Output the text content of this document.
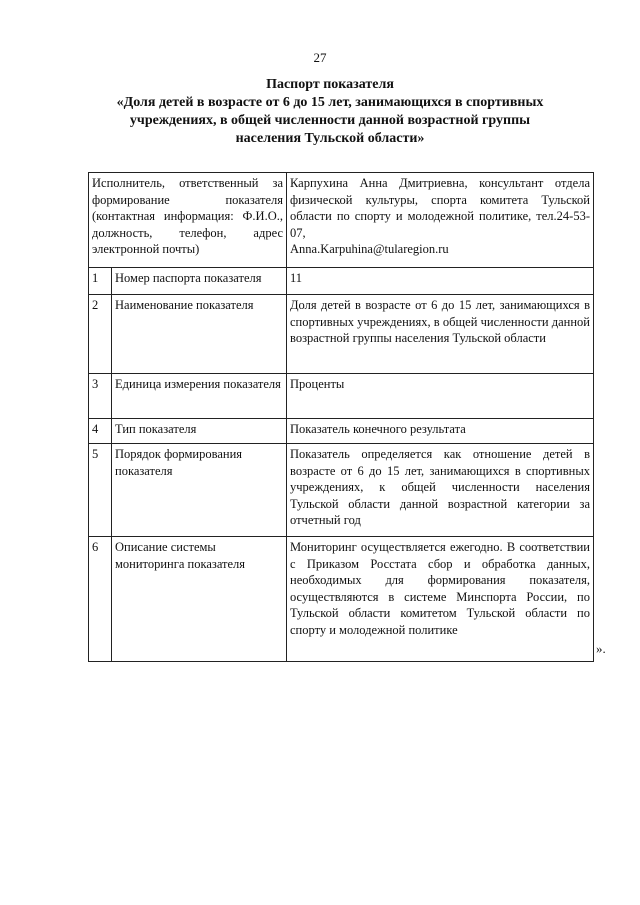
27
Паспорт показателя
«Доля детей в возрасте от 6 до 15 лет, занимающихся в спортивных
учреждениях, в общей численности данной возрастной группы
населения Тульской области»
Исполнитель, ответственный за формирование показателя (контактная информация: Ф.И.О., должность, телефон, адрес электронной почты)		Карпухина Анна Дмитриевна, консультант отдела физической культуры, спорта комитета Тульской области по спорту и молодежной политике, тел.24-53-07,
Anna.Karpuhina@tularegion.ru
1	Номер паспорта показателя	11
2	Наименование показателя	Доля детей в возрасте от 6 до 15 лет, занимающихся в спортивных учреждениях, в общей численности данной возрастной группы населения Тульской области
3	Единица измерения показателя	Проценты
4	Тип показателя	Показатель конечного результата
5	Порядок формирования показателя	Показатель определяется как отношение детей в возрасте от 6 до 15 лет, занимающихся в спортивных учреждениях, к общей численности населения Тульской области данной возрастной категории за отчетный год
6	Описание системы мониторинга показателя	Мониторинг осуществляется ежегодно. В соответствии с Приказом Росстата сбор и обработка данных, необходимых для формирования показателя, осуществляются в системе Минспорта России, по Тульской области комитетом Тульской области по спорту и молодежной политике
».
